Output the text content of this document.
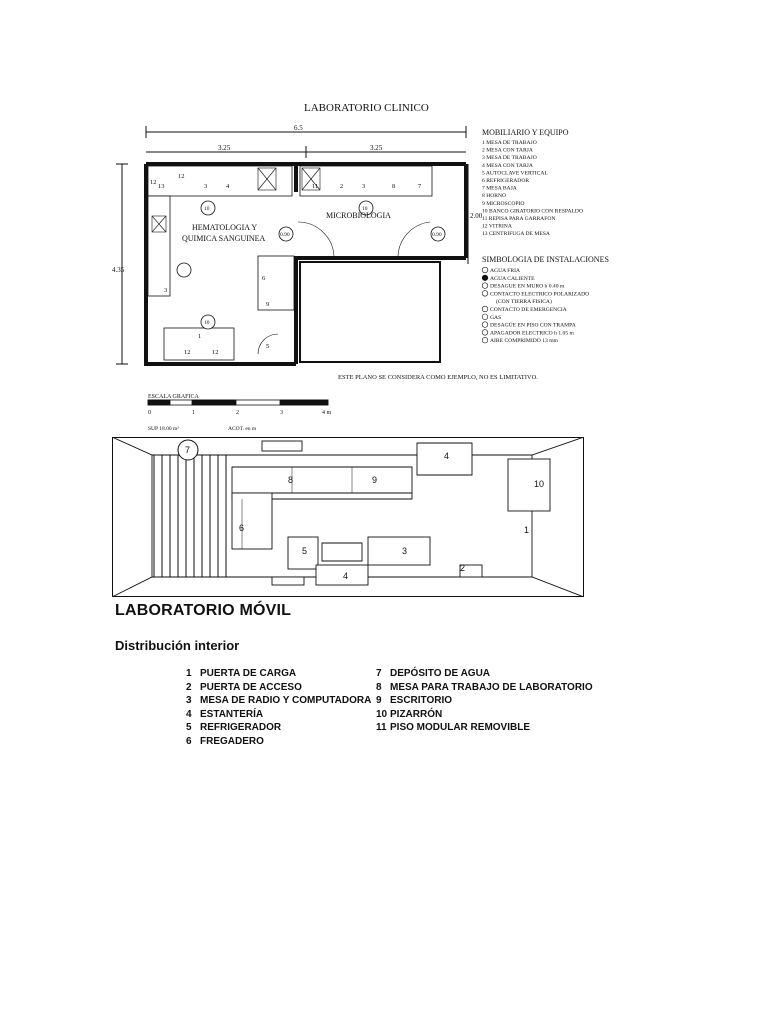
LABORATORIO CLINICO
6.5
3.25	3.25
4.35
2.00
13
12
3	4	11	2	3	8	7
12
3
1
12	12
6
9
5
10
10
10
0.90	0.90
HEMATOLOGIA Y
QUIMICA SANGUINEA
MICROBIOLOGIA
ESTE PLANO SE CONSIDERA COMO EJEMPLO, NO ES LIMITATIVO.
MOBILIARIO Y EQUIPO
1 MESA DE TRABAJO
2 MESA CON TARJA
3 MESA DE TRABAJO
4 MESA CON TARJA
5 AUTOCLAVE VERTICAL
6 REFRIGERADOR
7 MESA BAJA
8 HORNO
9 MICROSCOPIO
10 BANCO GIRATORIO CON RESPALDO
11 REPISA PARA GARRAFON
12 VITRINA
13 CENTRIFUGA DE MESA
SIMBOLOGIA DE INSTALACIONES
AGUA FRIA
AGUA CALIENTE
DESAGUE EN MURO h 0.40 m
CONTACTO ELECTRICO POLARIZADO
(CON TIERRA FISICA)
CONTACTO DE EMERGENCIA
GAS
DESAGÜE EN PISO CON TRAMPA
APAGADOR ELECTRICO h 1.05 m
AIRE COMPRIMIDO 13 mm
ESCALA GRAFICA
0	1	2	3	4 m
SUP 18.00 m²	ACOT. en m
1
2
3
4
4
5
6
7
8	9	10
LABORATORIO MÓVIL
Distribución interior
1 PUERTA DE CARGA
2 PUERTA DE ACCESO
3 MESA DE RADIO Y COMPUTADORA
4 ESTANTERÍA
5 REFRIGERADOR
6 FREGADERO
7 DEPÓSITO DE AGUA
8 MESA PARA TRABAJO DE LABORATORIO
9 ESCRITORIO
10 PIZARRÓN
11 PISO MODULAR REMOVIBLE
